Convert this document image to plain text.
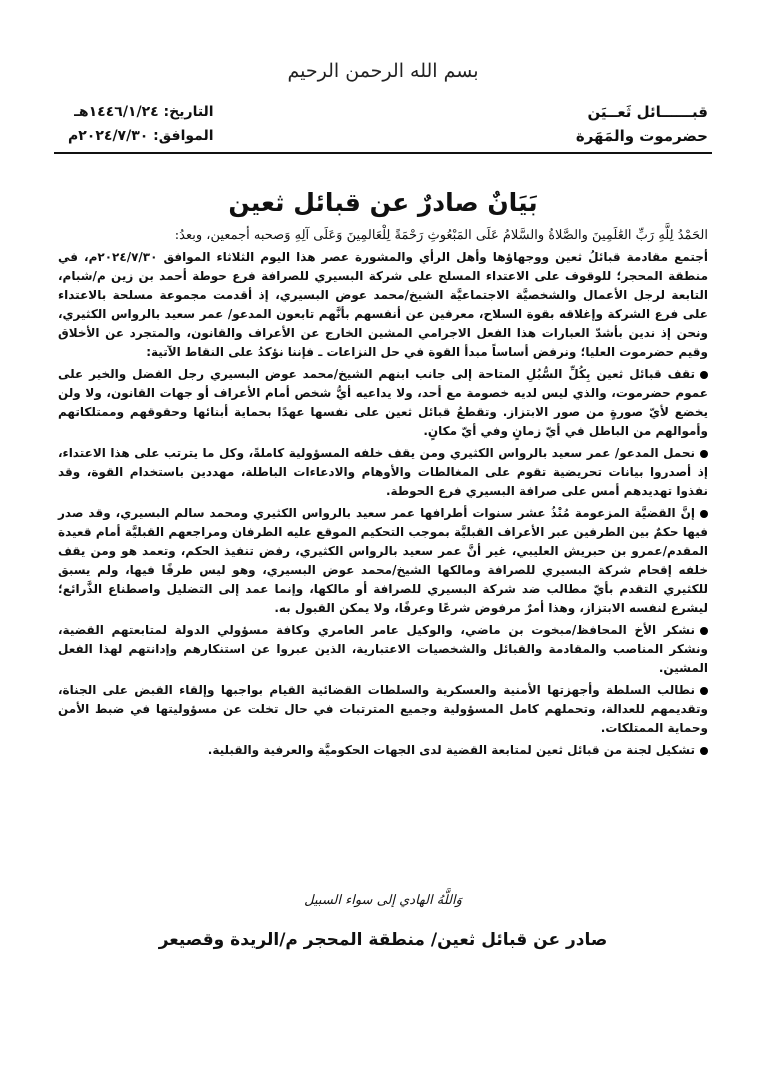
بسم الله الرحمن الرحيم
قبــــــائل ثَعــيَن
حضرموت والمَهَرة
التاريخ: ١٤٤٦/١/٢٤هـ
الموافق: ٢٠٢٤/٧/٣٠م
بَيَانٌ صادرٌ عن قبائل ثعين

الحَمْدُ لِلَّهِ رَبِّ العَٰلَمِينَ والصَّلاةُ والسَّلامُ عَلَى المَبْعُوثِ رَحْمَةً لِلْعَالمِينَ وَعَلَى آلِهِ وَصحبه أجمعين، وبعدُ:

أجتمع مقادمة قبائلُ ثعين ووجهاؤها وأهل الرأي والمشورة عصر هذا اليوم الثلاثاء الموافق ٢٠٢٤/٧/٣٠م، في منطقة المحجر؛ للوقوف على الاعتداء المسلح على شركة البسيري للصرافة فرع حوطة أحمد بن زين م/شبام، التابعة لرجل الأعمال والشخصيَّة الاجتماعيَّة الشيخ/محمد عوض البسيري، إذ أقدمت مجموعة مسلحة بالاعتداء على فرع الشركة وإغلاقه بقوة السلاح، معرفين عن أنفسهم بأنَّهم تابعون المدعو/ عمر سعيد بالرواس الكثيري، ونحن إذ ندين بأشدّ العبارات هذا الفعل الاجرامي المشين الخارج عن الأعراف والقانون، والمتجرد عن الأخلاق وقيم حضرموت العليا؛ ونرفض أساساً مبدأ القوة في حل النزاعات ـ فإننا نؤكدُ على النقاط الآتية:

تقف قبائل ثعين بِكُلِّ السُّبُلِ المتاحة إلى جانب ابنهم الشيخ/محمد عوض البسيري رجل الفضل والخير على عموم حضرموت، والذي ليس لديه خصومة مع أحد، ولا يداعيه أيُّ شخص أمام الأعراف أو جهات القانون، ولا ولن يخضع لأيّ صورةٍ من صور الابتزاز. وتقطعُ قبائل ثعين على نفسها عهدًا بحماية أبنائها وحقوقهم وممتلكاتهم وأموالهم من الباطل في أيّ زمانٍ وفي أيّ مكانٍ.

نحمل المدعو/ عمر سعيد بالرواس الكثيري ومن يقف خلفه المسؤولية كاملةً، وكل ما يترتب على هذا الاعتداء، إذ أصدروا بيانات تحريضية تقوم على المغالطات والأوهام والادعاءات الباطلة، مهددين باستخدام القوة، وقد نفذوا تهديدهم أمس على صرافة البسيري فرع الحوطة.

إنَّ القضيَّة المزعومة مُنْذُ عشر سنوات أطرافها عمر سعيد بالرواس الكثيري ومحمد سالم البسيري، وقد صدر فيها حكمٌ بين الطرفين عبر الأعراف القبليَّة بموجب التحكيم الموقع عليه الطرفان ومراجعهم القبليَّة أمام قعيدة المقدم/عمرو بن حبريش العليبي، غير أنَّ عمر سعيد بالرواس الكثيري، رفض تنفيذ الحكم، وتعمد هو ومن يقف خلفه إقحام شركة البسيري للصرافة ومالكها الشيخ/محمد عوض البسيري، وهو ليس طرفًا فيها، ولم يسبق للكثيري التقدم بأيّ مطالب ضد شركة البسيري للصرافة أو مالكها، وإنما عمد إلى التضليل واصطناع الذَّرائع؛ ليشرع لنفسه الابتزاز، وهذا أمرٌ مرفوض شرعًا وعرفًا، ولا يمكن القبول به.

نشكر الأخ المحافظ/مبخوت بن ماضي، والوكيل عامر العامري وكافة مسؤولي الدولة لمتابعتهم القضية، ونشكر المناصب والمقادمة والقبائل والشخصيات الاعتبارية، الذين عبروا عن استنكارهم وإدانتهم لهذا الفعل المشين.

نطالب السلطة وأجهزتها الأمنية والعسكرية والسلطات القضائية القيام بواجبها وإلقاء القبض على الجناة، وتقديمهم للعدالة، وتحملهم كامل المسؤولية وجميع المترتبات في حال تخلت عن مسؤوليتها في ضبط الأمن وحماية الممتلكات.

تشكيل لجنة من قبائل ثعين لمتابعة القضية لدى الجهات الحكوميَّة والعرفية والقبلية.

وَاللَّهُ الهادي إلى سواء السبيل
صادر عن قبائل ثعين/ منطقة المحجر م/الريدة وقصيعر
